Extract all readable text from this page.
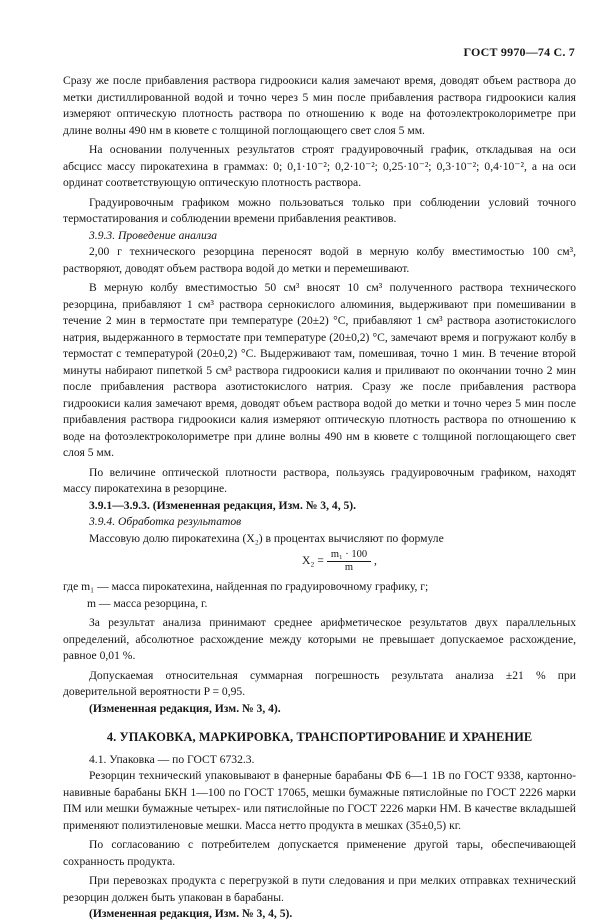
ГОСТ 9970—74 С. 7

Сразу же после прибавления раствора гидроокиси калия замечают время, доводят объем раствора до метки дистиллированной водой и точно через 5 мин после прибавления раствора гидроокиси калия измеряют оптическую плотность раствора по отношению к воде на фотоэлектроколориметре при длине волны 490 нм в кювете с толщиной поглощающего свет слоя 5 мм.

На основании полученных результатов строят градуировочный график, откладывая на оси абсцисс массу пирокатехина в граммах: 0; 0,1·10⁻²; 0,2·10⁻²; 0,25·10⁻²; 0,3·10⁻²; 0,4·10⁻², а на оси ординат соответствующую оптическую плотность раствора.

Градуировочным графиком можно пользоваться только при соблюдении условий точного термостатирования и соблюдении времени прибавления реактивов.

3.9.3. Проведение анализа

2,00 г технического резорцина переносят водой в мерную колбу вместимостью 100 см³, растворяют, доводят объем раствора водой до метки и перемешивают.

В мерную колбу вместимостью 50 см³ вносят 10 см³ полученного раствора технического резорцина, прибавляют 1 см³ раствора сернокислого алюминия, выдерживают при помешивании в течение 2 мин в термостате при температуре (20±2) °С, прибавляют 1 см³ раствора азотистокислого натрия, выдержанного в термостате при температуре (20±0,2) °С, замечают время и погружают колбу в термостат с температурой (20±0,2) °С. Выдерживают там, помешивая, точно 1 мин. В течение второй минуты набирают пипеткой 5 см³ раствора гидроокиси калия и приливают по окончании точно 2 мин после прибавления раствора азотистокислого натрия. Сразу же после прибавления раствора гидроокиси калия замечают время, доводят объем раствора водой до метки и точно через 5 мин после прибавления раствора гидроокиси калия измеряют оптическую плотность раствора по отношению к воде на фотоэлектроколориметре при длине волны 490 нм в кювете с толщиной поглощающего свет слоя 5 мм.

По величине оптической плотности раствора, пользуясь градуировочным графиком, находят массу пирокатехина в резорцине.

3.9.1—3.9.3. (Измененная редакция, Изм. № 3, 4, 5).

3.9.4. Обработка результатов

Массовую долю пирокатехина (X₂) в процентах вычисляют по формуле

$X_2 = \frac{\text{m₁ · 100}}{m}$ ,

где m₁ — масса пирокатехина, найденная по градуировочному графику, г;

m — масса резорцина, г.

За результат анализа принимают среднее арифметическое результатов двух параллельных определений, абсолютное расхождение между которыми не превышает допускаемое расхождение, равное 0,01 %.

Допускаемая относительная суммарная погрешность результата анализа ±21 % при доверительной вероятности P = 0,95.

(Измененная редакция, Изм. № 3, 4).

4. УПАКОВКА, МАРКИРОВКА, ТРАНСПОРТИРОВАНИЕ И ХРАНЕНИЕ

4.1. Упаковка — по ГОСТ 6732.3.

Резорцин технический упаковывают в фанерные барабаны ФБ 6—1 1В по ГОСТ 9338, картонно-навивные барабаны БКН 1—100 по ГОСТ 17065, мешки бумажные пятислойные по ГОСТ 2226 марки ПМ или мешки бумажные четырех- или пятислойные по ГОСТ 2226 марки НМ. В качестве вкладышей применяют полиэтиленовые мешки. Масса нетто продукта в мешках (35±0,5) кг.

По согласованию с потребителем допускается применение другой тары, обеспечивающей сохранность продукта.

При перевозках продукта с перегрузкой в пути следования и при мелких отправках технический резорцин должен быть упакован в барабаны.

(Измененная редакция, Изм. № 3, 4, 5).
